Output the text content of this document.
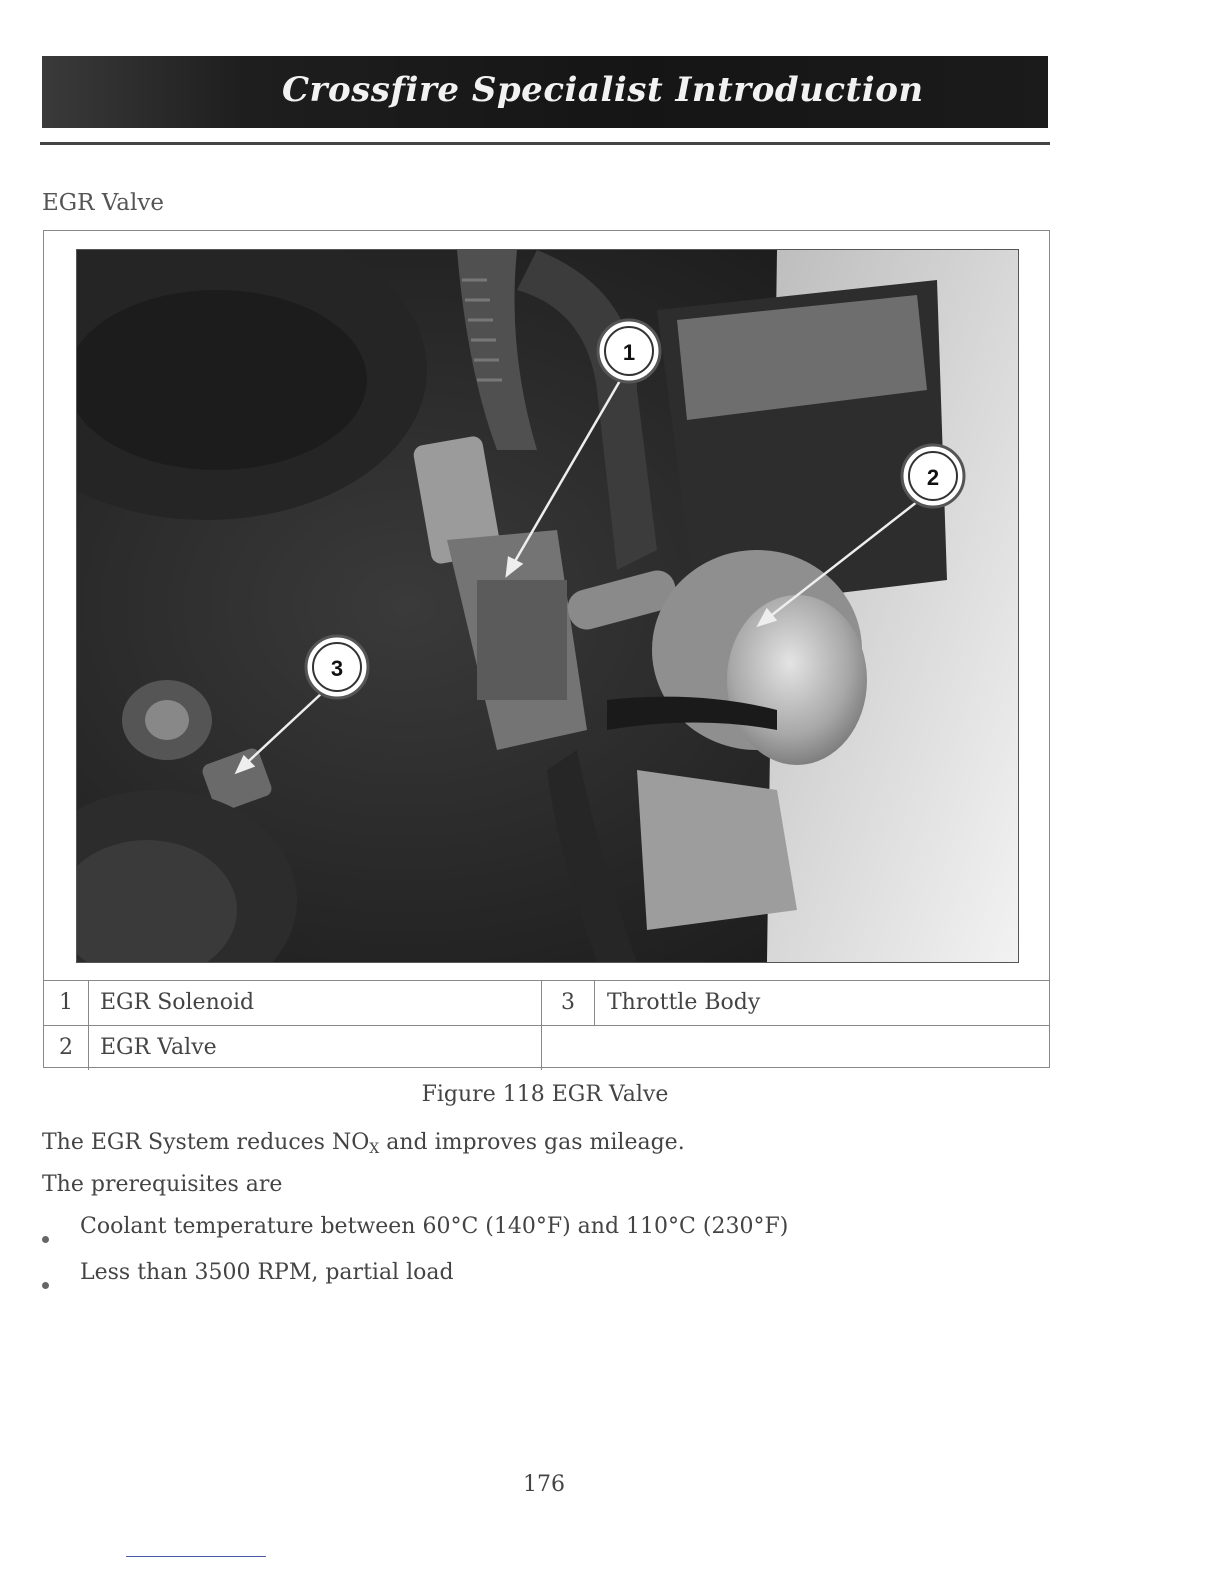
Crossfire Specialist Introduction
EGR Valve
1
2
3
1	EGR Solenoid	3	Throttle Body
2	EGR Valve
Figure 118 EGR Valve
The EGR System reduces NOX and improves gas mileage.
The prerequisites are
Coolant temperature between 60°C (140°F) and 110°C (230°F)
Less than 3500 RPM, partial load
176
